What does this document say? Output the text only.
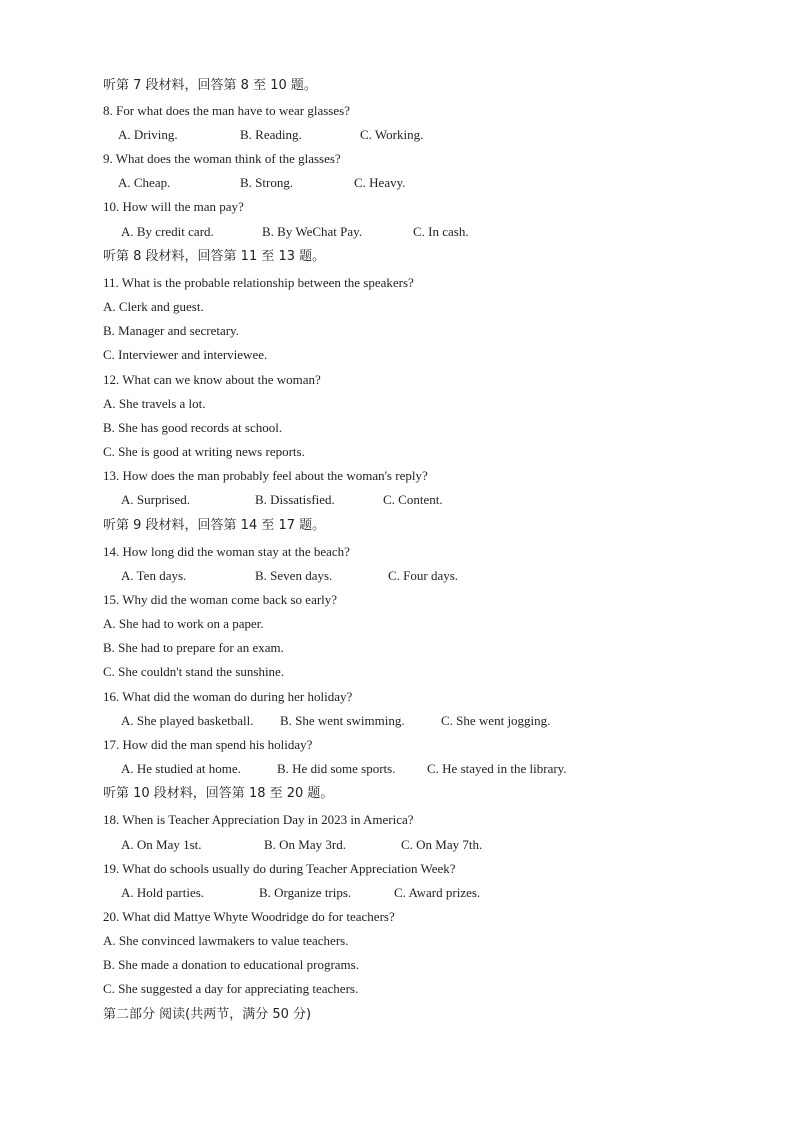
听第 7 段材料，回答第 8 至 10 题。
8. For what does the man have to wear glasses?
A. Driving.	B. Reading.	C. Working.
9. What does the woman think of the glasses?
A. Cheap.	B. Strong.	C. Heavy.
10. How will the man pay?
A. By credit card.	B. By WeChat Pay.	C. In cash.
听第 8 段材料，回答第 11 至 13 题。
11. What is the probable relationship between the speakers?
A. Clerk and guest.
B. Manager and secretary.
C. Interviewer and interviewee.
12. What can we know about the woman?
A. She travels a lot.
B. She has good records at school.
C. She is good at writing news reports.
13. How does the man probably feel about the woman's reply?
A. Surprised.	B. Dissatisfied.	C. Content.
听第 9 段材料，回答第 14 至 17 题。
14. How long did the woman stay at the beach?
A. Ten days.	B. Seven days.	C. Four days.
15. Why did the woman come back so early?
A. She had to work on a paper.
B. She had to prepare for an exam.
C. She couldn't stand the sunshine.
16. What did the woman do during her holiday?
A. She played basketball. B. She went swimming.	C. She went jogging.
17. How did the man spend his holiday?
A. He studied at home.	B. He did some sports. C. He stayed in the library.
听第 10 段材料，回答第 18 至 20 题。
18. When is Teacher Appreciation Day in 2023 in America?
A. On May 1st.	B. On May 3rd.	C. On May 7th.
19. What do schools usually do during Teacher Appreciation Week?
A. Hold parties.	B. Organize trips.	C. Award prizes.
20. What did Mattye Whyte Woodridge do for teachers?
A. She convinced lawmakers to value teachers.
B. She made a donation to educational programs.
C. She suggested a day for appreciating teachers.
第二部分 阅读(共两节，满分 50 分)
